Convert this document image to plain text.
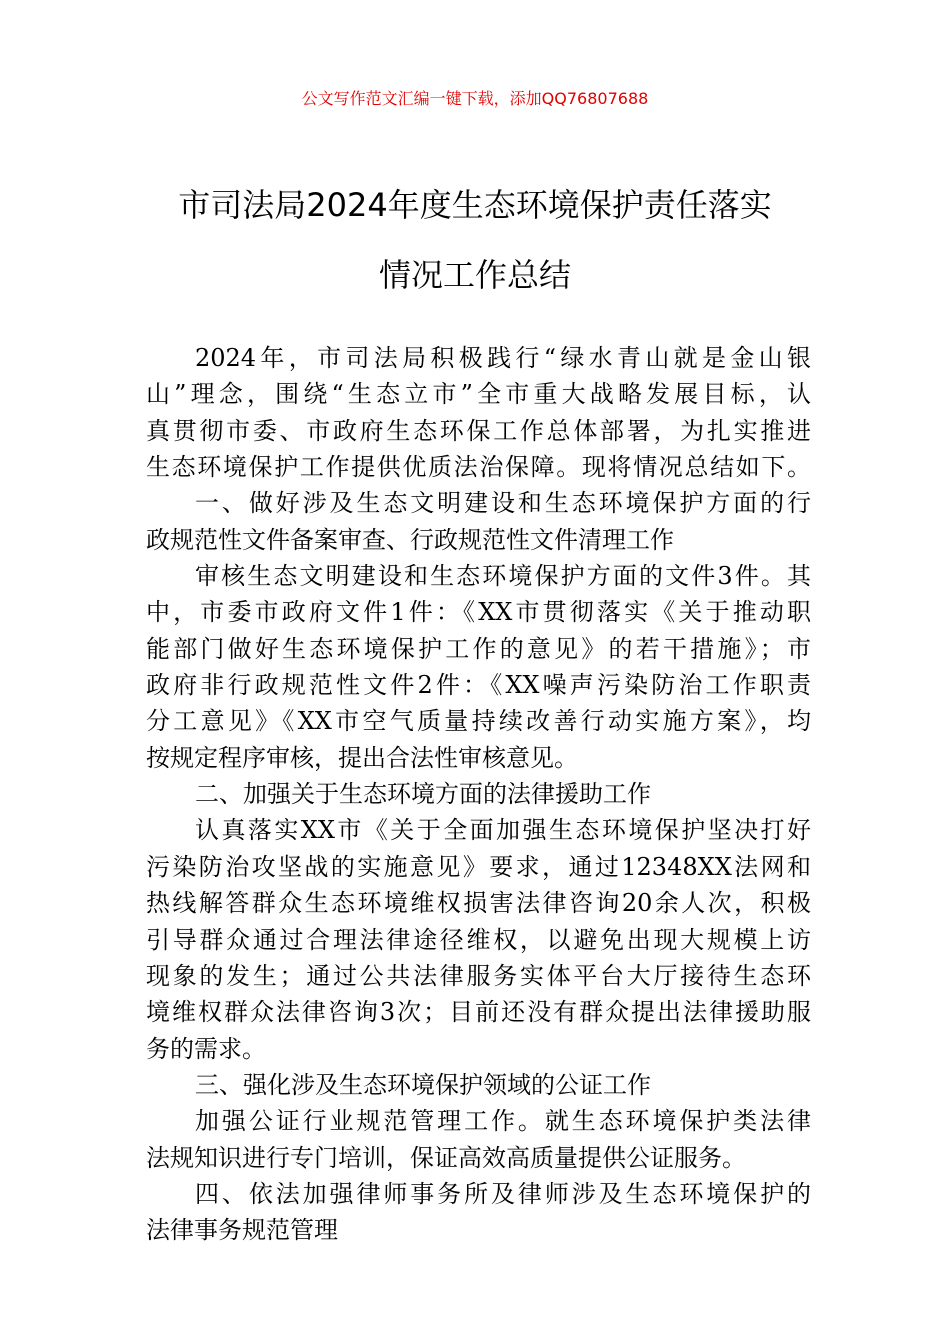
公文写作范文汇编一键下载，添加QQ76807688
市司法局2024年度生态环境保护责任落实
情况工作总结
2024年，市司法局积极践行“绿水青山就是金山银
山”理念，围绕“生态立市”全市重大战略发展目标，认
真贯彻市委、市政府生态环保工作总体部署，为扎实推进
生态环境保护工作提供优质法治保障。现将情况总结如下。
一、做好涉及生态文明建设和生态环境保护方面的行
政规范性文件备案审查、行政规范性文件清理工作
审核生态文明建设和生态环境保护方面的文件3件。其
中，市委市政府文件1件：《XX市贯彻落实《关于推动职
能部门做好生态环境保护工作的意见》的若干措施》；市
政府非行政规范性文件2件：《XX噪声污染防治工作职责
分工意见》《XX市空气质量持续改善行动实施方案》，均
按规定程序审核，提出合法性审核意见。
二、加强关于生态环境方面的法律援助工作
认真落实XX市《关于全面加强生态环境保护坚决打好
污染防治攻坚战的实施意见》要求，通过12348XX法网和
热线解答群众生态环境维权损害法律咨询20余人次，积极
引导群众通过合理法律途径维权，以避免出现大规模上访
现象的发生；通过公共法律服务实体平台大厅接待生态环
境维权群众法律咨询3次；目前还没有群众提出法律援助服
务的需求。
三、强化涉及生态环境保护领域的公证工作
加强公证行业规范管理工作。就生态环境保护类法律
法规知识进行专门培训，保证高效高质量提供公证服务。
四、依法加强律师事务所及律师涉及生态环境保护的
法律事务规范管理
